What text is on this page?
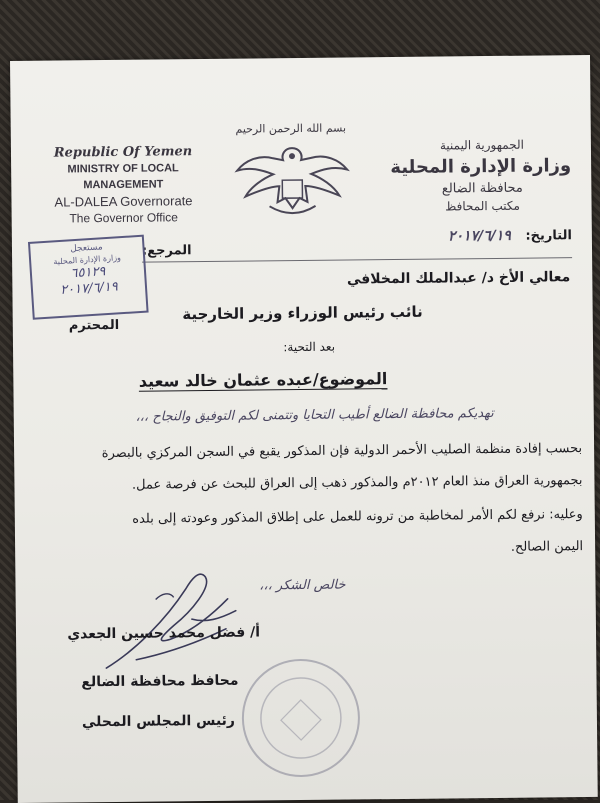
Republic Of Yemen
MINISTRY OF LOCAL MANAGEMENT
AL-DALEA Governorate
The Governor Office
بسم الله الرحمن الرحيم
الجمهورية اليمنية
وزارة الإدارة المحلية
محافظة الضالع
مكتب المحافظ
التاريخ: ٢٠١٧/٦/١٩
المرجع:
مستعجل
وزارة الإدارة المحلية
٦٥١٢٩
٢٠١٧/٦/١٩
معالي الأخ د/ عبدالملك المخلافي
نائب رئيس الوزراء وزير الخارجية
المحترم
بعد التحية:
الموضوع/عبده عثمان خالد سعيد
تهديكم محافظة الضالع أطيب التحايا وتتمنى لكم التوفيق والنجاح ،،،
بحسب إفادة منظمة الصليب الأحمر الدولية فإن المذكور يقبع في السجن المركزي بالبصرة
بجمهورية العراق منذ العام ٢٠١٢م والمذكور ذهب إلى العراق للبحث عن فرصة عمل.
وعليه: نرفع لكم الأمر لمخاطبة من ترونه للعمل على إطلاق المذكور وعودته إلى بلده
اليمن الصالح.
خالص الشكر ،،،
أ/ فضل محمد حسين الجعدي
محافظ محافظة الضالع
رئيس المجلس المحلي
